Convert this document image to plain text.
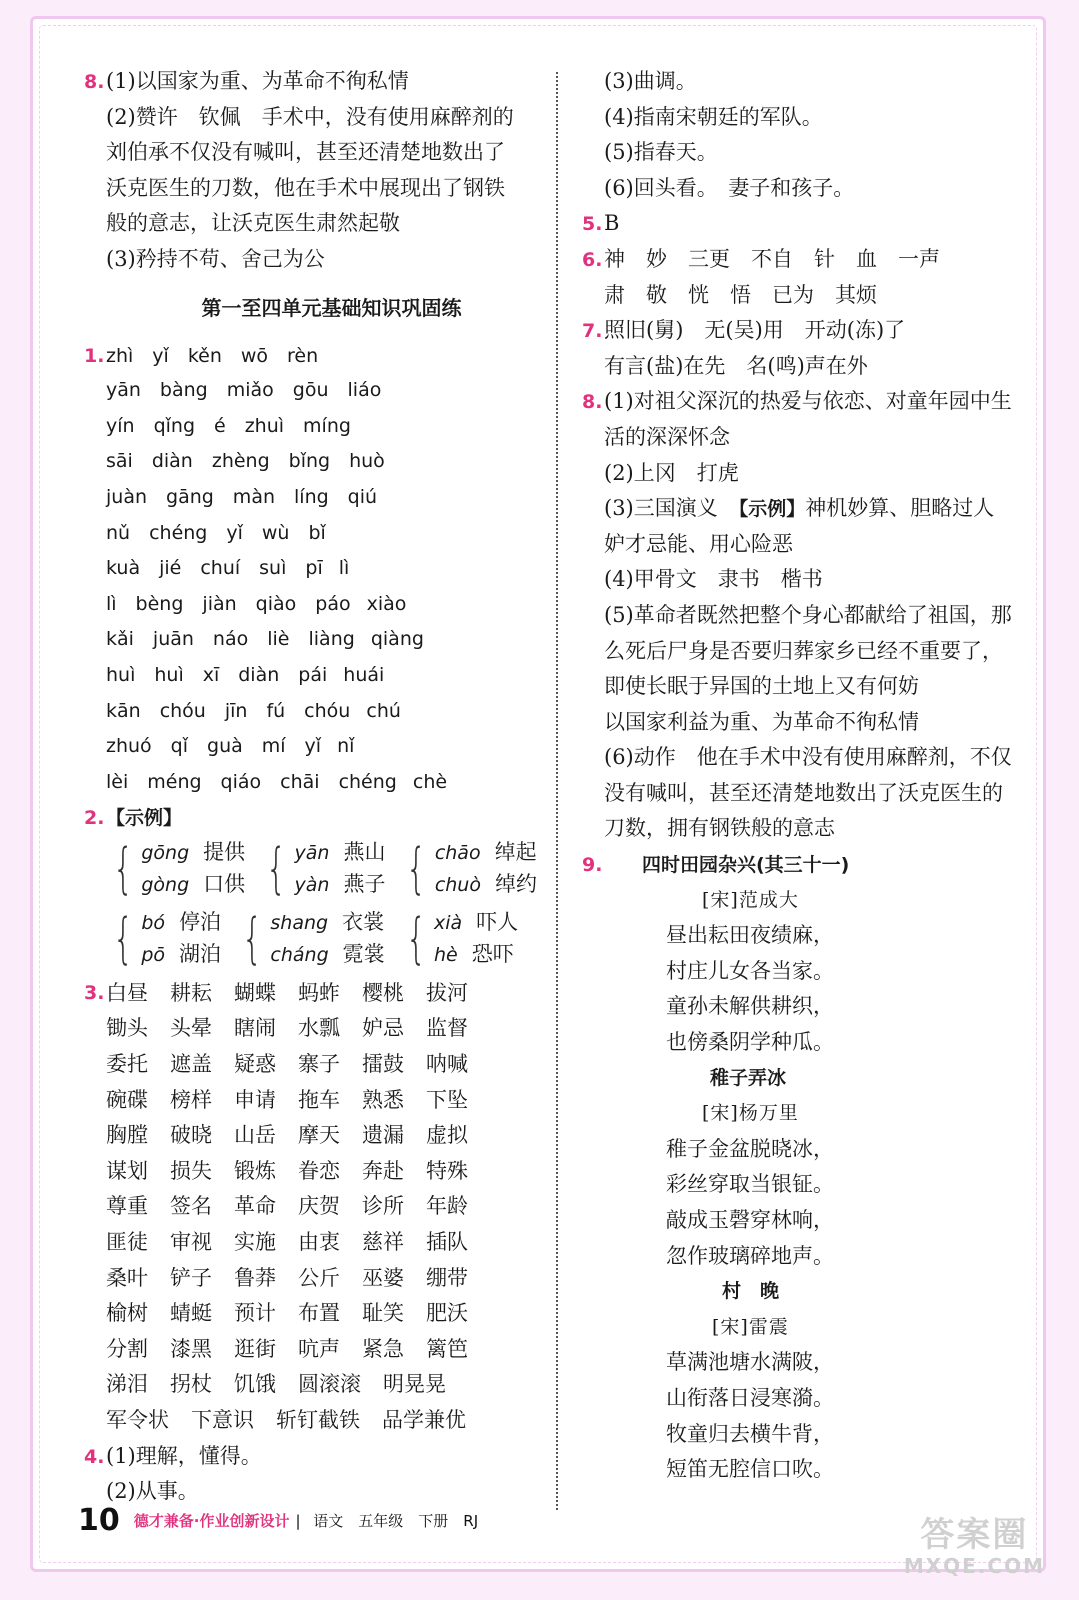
8.(1)以国家为重、为革命不徇私情
(2)赞许　钦佩　手术中，没有使用麻醉剂的
刘伯承不仅没有喊叫，甚至还清楚地数出了
沃克医生的刀数，他在手术中展现出了钢铁
般的意志，让沃克医生肃然起敬
(3)矜持不苟、舍己为公
第一至四单元基础知识巩固练
1.zhì　yǐ　kěn　wō　rèn
yān　bàng　miǎo　gōu　liáo
yín　qǐng　é　zhuì　míng
sāi　diàn　zhèng　bǐng　huò
juàn　gāng　màn　líng　qiú
nǔ　chéng　yǐ　wù　bǐ
kuà　jié　chuí　suì　pī lì
lì　bèng　jiàn　qiào　páo xiào
kǎi　juān　náo　liè　liàng qiàng
huì　huì　xī　diàn　pái huái
kān　chóu　jīn　fú　chóu chú
zhuó　qǐ　guà　mí　yǐ nǐ
lèi　méng　qiáo　chāi　chéng chè
2.【示例】
{ gōng 提供
gòng 口供 { yān 燕山
yàn 燕子 { chāo 绰起
chuò 绰约
{ bó 停泊
pō 湖泊 { shang 衣裳
cháng 霓裳 { xià 吓人
hè 恐吓
3. 白昼 耕耘 蝴蝶 蚂蚱 樱桃 拔河
锄头 头晕 瞎闹 水瓢 妒忌 监督
委托 遮盖 疑惑 寨子 擂鼓 呐喊
碗碟 榜样 申请 拖车 熟悉 下坠
胸膛 破晓 山岳 摩天 遗漏 虚拟
谋划 损失 锻炼 眷恋 奔赴 特殊
尊重 签名 革命 庆贺 诊所 年龄
匪徒 审视 实施 由衷 慈祥 插队
桑叶 铲子 鲁莽 公斤 巫婆 绷带
榆树 蜻蜓 预计 布置 耻笑 肥沃
分割 漆黑 逛街 吭声 紧急 篱笆
涕泪 拐杖 饥饿 圆滚滚 明晃晃
军令状 下意识 斩钉截铁 品学兼优
4.(1)理解，懂得。
(2)从事。
(3)曲调。
(4)指南宋朝廷的军队。
(5)指春天。
(6)回头看。　妻子和孩子。
5.B
6.神　妙　三更　不自　针　血　一声
肃　敬　恍　悟　已为　其烦
7.照旧(舅)　无(吴)用　开动(冻)了
有言(盐)在先　名(鸣)声在外
8.(1)对祖父深沉的热爱与依恋、对童年园中生
活的深深怀念
(2)上冈　打虎
(3)三国演义　【示例】神机妙算、胆略过人
妒才忌能、用心险恶
(4)甲骨文　隶书　楷书
(5)革命者既然把整个身心都献给了祖国，那
么死后尸身是否要归葬家乡已经不重要了，
即使长眠于异国的土地上又有何妨
以国家利益为重、为革命不徇私情
(6)动作　他在手术中没有使用麻醉剂，不仅
没有喊叫，甚至还清楚地数出了沃克医生的
刀数，拥有钢铁般的意志
9. 四时田园杂兴(其三十一)
[宋]范成大
昼出耘田夜绩麻，
村庄儿女各当家。
童孙未解供耕织，
也傍桑阴学种瓜。
稚子弄冰
[宋]杨万里
稚子金盆脱晓冰，
彩丝穿取当银钲。
敲成玉磬穿林响，
忽作玻璃碎地声。
村　晚
[宋]雷震
草满池塘水满陂，
山衔落日浸寒漪。
牧童归去横牛背，
短笛无腔信口吹。
10 德才兼备·作业创新设计 | 语文　五年级　下册　RJ	答案圈
MXQE.COM
